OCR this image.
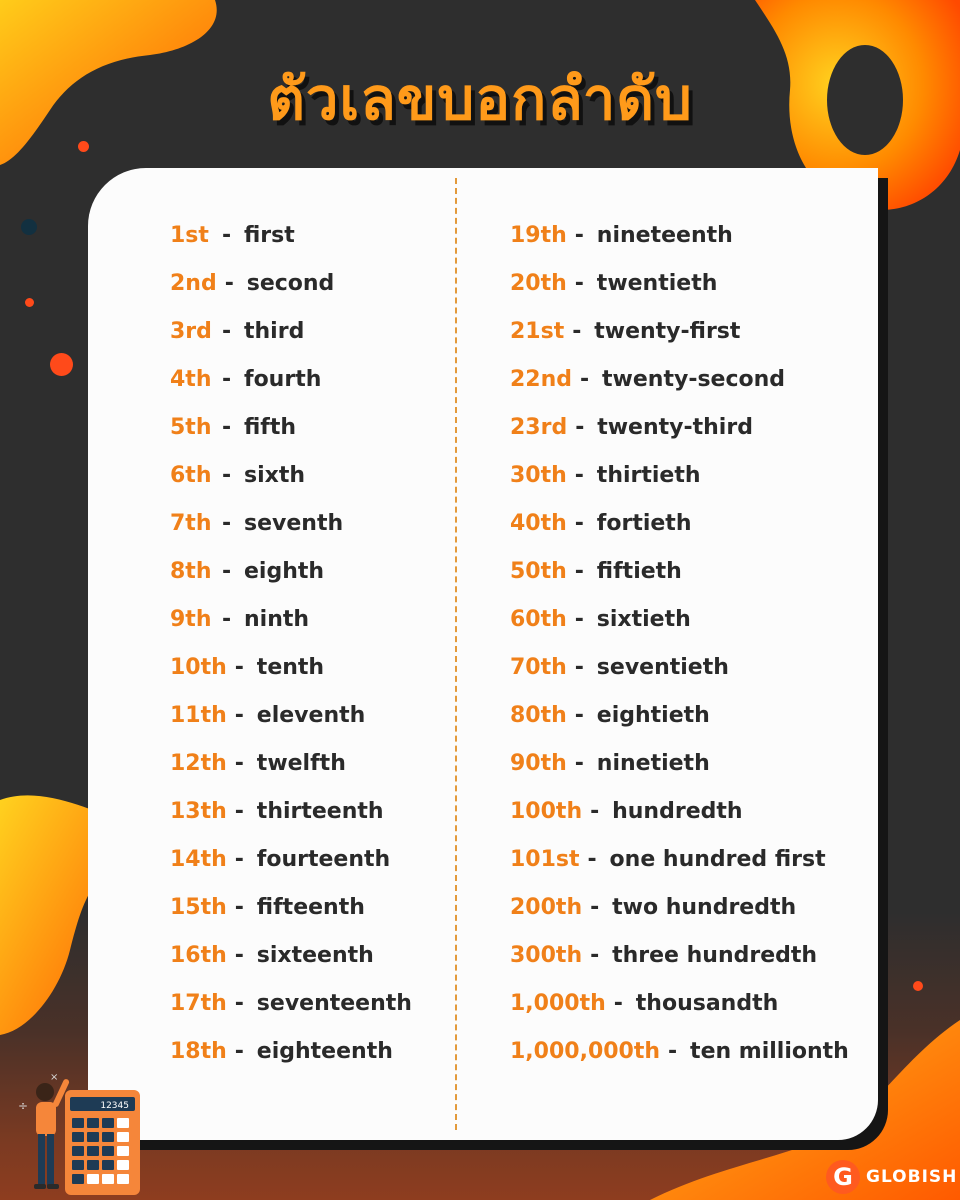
ตัวเลขบอกลำดับ
1st - first
2nd - second
3rd - third
4th - fourth
5th - fifth
6th - sixth
7th - seventh
8th - eighth
9th - ninth
10th - tenth
11th - eleventh
12th - twelfth
13th - thirteenth
14th - fourteenth
15th - fifteenth
16th - sixteenth
17th - seventeenth
18th - eighteenth
19th - nineteenth
20th - twentieth
21st - twenty-first
22nd - twenty-second
23rd - twenty-third
30th - thirtieth
40th - fortieth
50th - fiftieth
60th - sixtieth
70th - seventieth
80th - eightieth
90th - ninetieth
100th - hundredth
101st - one hundred first
200th - two hundredth
300th - three hundredth
1,000th - thousandth
1,000,000th - ten millionth
12345
÷
×
G GLOBISH
